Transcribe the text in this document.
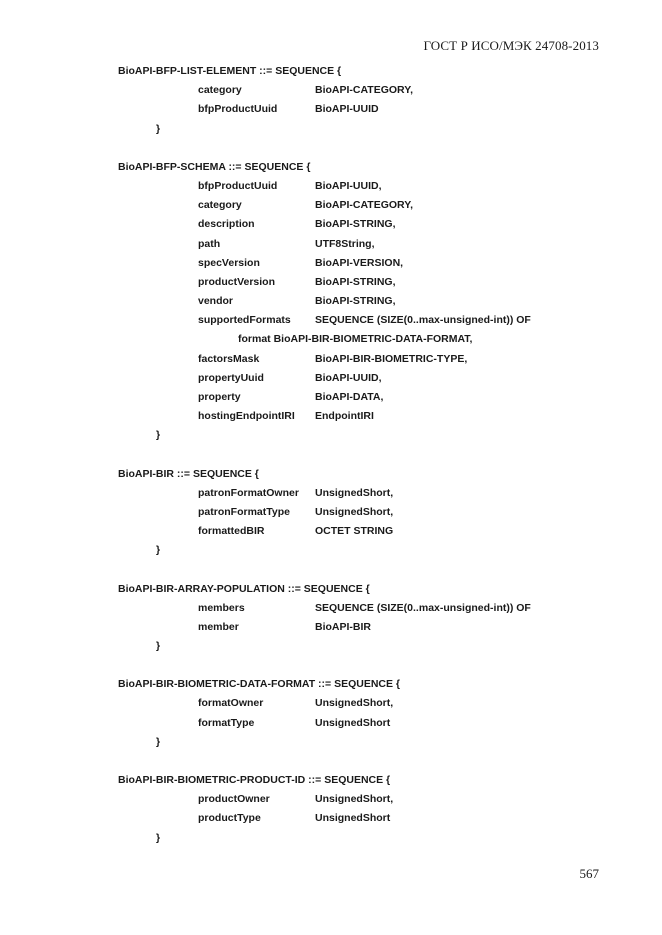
ГОСТ Р ИСО/МЭК 24708-2013
BioAPI-BFP-LIST-ELEMENT ::= SEQUENCE {
category	BioAPI-CATEGORY,
bfpProductUuid	BioAPI-UUID
}
BioAPI-BFP-SCHEMA ::= SEQUENCE {
bfpProductUuid	BioAPI-UUID,
category	BioAPI-CATEGORY,
description	BioAPI-STRING,
path	UTF8String,
specVersion	BioAPI-VERSION,
productVersion	BioAPI-STRING,
vendor	BioAPI-STRING,
supportedFormats SEQUENCE (SIZE(0..max-unsigned-int)) OF
format BioAPI-BIR-BIOMETRIC-DATA-FORMAT,
factorsMask	BioAPI-BIR-BIOMETRIC-TYPE,
propertyUuid	BioAPI-UUID,
property	BioAPI-DATA,
hostingEndpointIRI EndpointIRI
}
BioAPI-BIR ::= SEQUENCE {
patronFormatOwner UnsignedShort,
patronFormatType UnsignedShort,
formattedBIR	OCTET STRING
}
BioAPI-BIR-ARRAY-POPULATION ::= SEQUENCE {
members	SEQUENCE (SIZE(0..max-unsigned-int)) OF
member	BioAPI-BIR
}
BioAPI-BIR-BIOMETRIC-DATA-FORMAT ::= SEQUENCE {
formatOwner	UnsignedShort,
formatType	UnsignedShort
}
BioAPI-BIR-BIOMETRIC-PRODUCT-ID ::= SEQUENCE {
productOwner	UnsignedShort,
productType	UnsignedShort
}
567
